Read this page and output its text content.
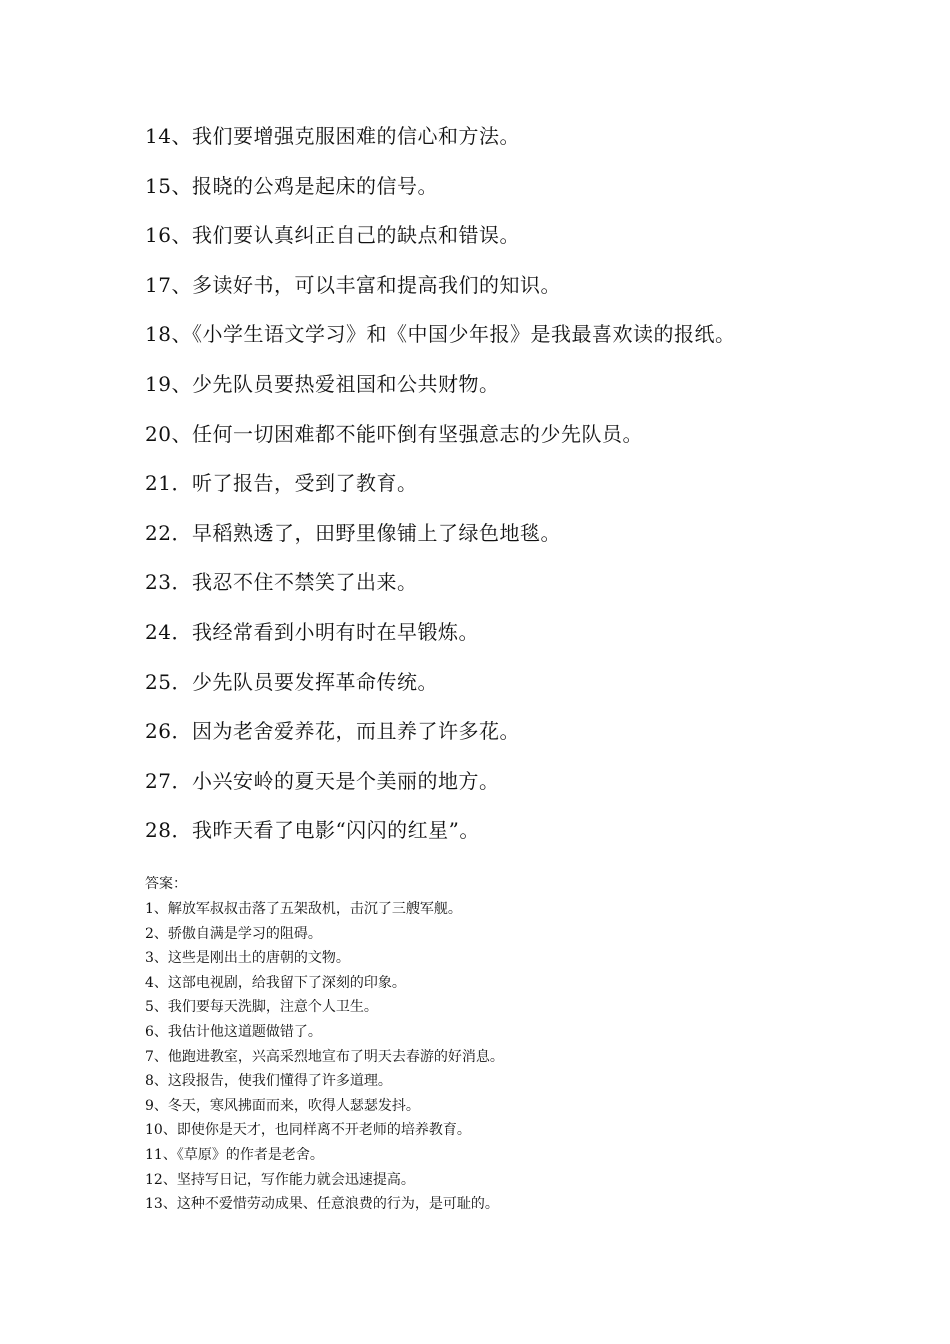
14、我们要增强克服困难的信心和方法。
15、报晓的公鸡是起床的信号。
16、我们要认真纠正自己的缺点和错误。
17、多读好书，可以丰富和提高我们的知识。
18、《小学生语文学习》和《中国少年报》是我最喜欢读的报纸。
19、少先队员要热爱祖国和公共财物。
20、任何一切困难都不能吓倒有坚强意志的少先队员。
21．听了报告，受到了教育。
22．早稻熟透了，田野里像铺上了绿色地毯。
23．我忍不住不禁笑了出来。
24．我经常看到小明有时在早锻炼。
25．少先队员要发挥革命传统。
26．因为老舍爱养花，而且养了许多花。
27．小兴安岭的夏天是个美丽的地方。
28．我昨天看了电影“闪闪的红星”。
答案：
1、解放军叔叔击落了五架敌机，击沉了三艘军舰。
2、骄傲自满是学习的阻碍。
3、这些是刚出土的唐朝的文物。
4、这部电视剧，给我留下了深刻的印象。
5、我们要每天洗脚，注意个人卫生。
6、我估计他这道题做错了。
7、他跑进教室，兴高采烈地宣布了明天去春游的好消息。
8、这段报告，使我们懂得了许多道理。
9、冬天，寒风拂面而来，吹得人瑟瑟发抖。
10、即使你是天才，也同样离不开老师的培养教育。
11、《草原》的作者是老舍。
12、坚持写日记，写作能力就会迅速提高。
13、这种不爱惜劳动成果、任意浪费的行为，是可耻的。
